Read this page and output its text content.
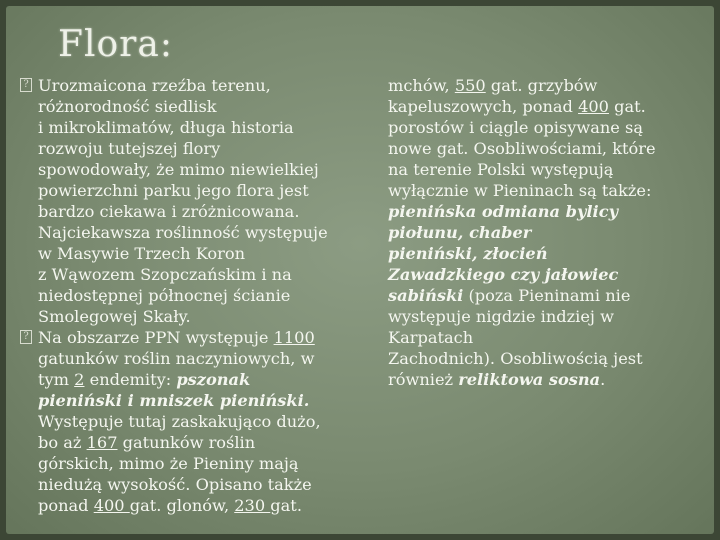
Flora:
? Urozmaicona rzeźba terenu,
różnorodność siedlisk
i mikroklimatów, długa historia
rozwoju tutejszej flory
spowodowały, że mimo niewielkiej
powierzchni parku jego flora jest
bardzo ciekawa i zróżnicowana.
Najciekawsza roślinność występuje
w Masywie Trzech Koron
z Wąwozem Szopczańskim i na
niedostępnej północnej ścianie
Smolegowej Skały.
? Na obszarze PPN występuje 1100
gatunków roślin naczyniowych, w
tym 2 endemity: pszonak
pieniński i mniszek pieniński.
Występuje tutaj zaskakująco dużo,
bo aż 167 gatunków roślin
górskich, mimo że Pieniny mają
niedużą wysokość. Opisano także
ponad 400 gat. glonów, 230 gat.
mchów, 550 gat. grzybów
kapeluszowych, ponad 400 gat.
porostów i ciągle opisywane są
nowe gat. Osobliwościami, które
na terenie Polski występują
wyłącznie w Pieninach są także:
pienińska odmiana bylicy
piołunu, chaber
pieniński, złocień
Zawadzkiego czy jałowiec
sabiński (poza Pieninami nie
występuje nigdzie indziej w
Karpatach
Zachodnich). Osobliwością jest
również reliktowa sosna.
